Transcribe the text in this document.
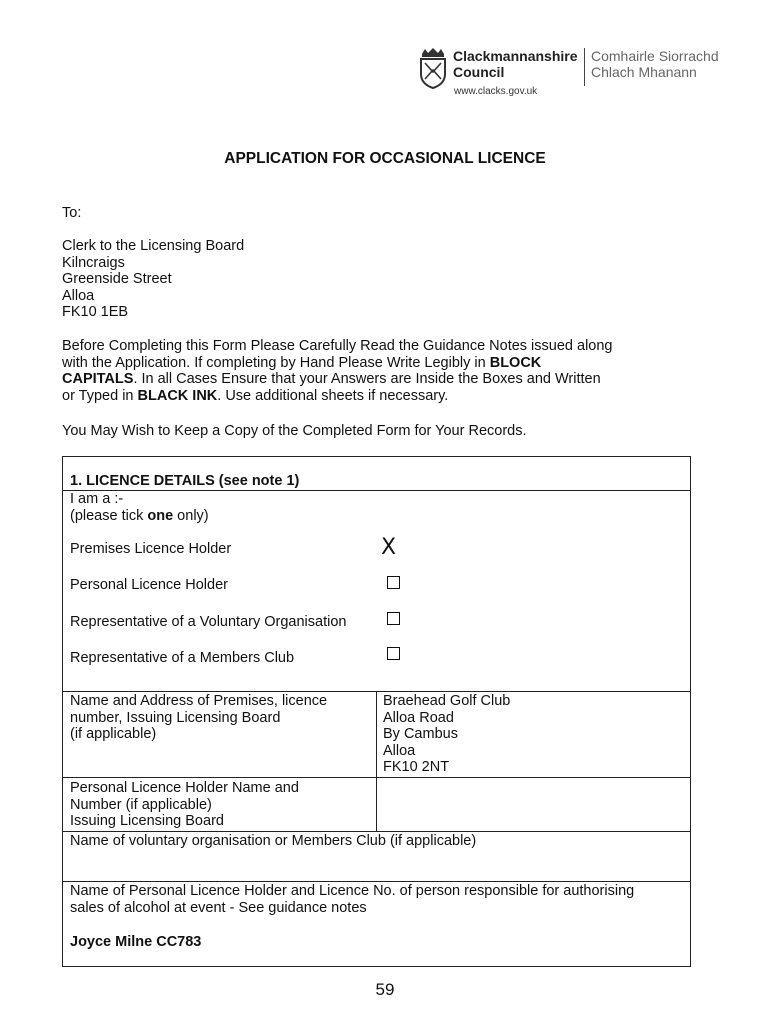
Clackmannanshire
Council
Comhairle Siorrachd
Chlach Mhanann
www.clacks.gov.uk
APPLICATION FOR OCCASIONAL LICENCE
To:
Clerk to the Licensing Board
Kilncraigs
Greenside Street
Alloa
FK10 1EB
Before Completing this Form Please Carefully Read the Guidance Notes issued along
with the Application. If completing by Hand Please Write Legibly in BLOCK
CAPITALS. In all Cases Ensure that your Answers are Inside the Boxes and Written
or Typed in BLACK INK. Use additional sheets if necessary.
You May Wish to Keep a Copy of the Completed Form for Your Records.
1. LICENCE DETAILS (see note 1)
I am a :-
(please tick one only)
Premises Licence Holder	X
Personal Licence Holder
Representative of a Voluntary Organisation
Representative of a Members Club
Name and Address of Premises, licence
number, Issuing Licensing Board
(if applicable)
Braehead Golf Club
Alloa Road
By Cambus
Alloa
FK10 2NT
Personal Licence Holder Name and
Number (if applicable)
Issuing Licensing Board
Name of voluntary organisation or Members Club (if applicable)
Name of Personal Licence Holder and Licence No. of person responsible for authorising
sales of alcohol at event - See guidance notes
Joyce Milne CC783
59
